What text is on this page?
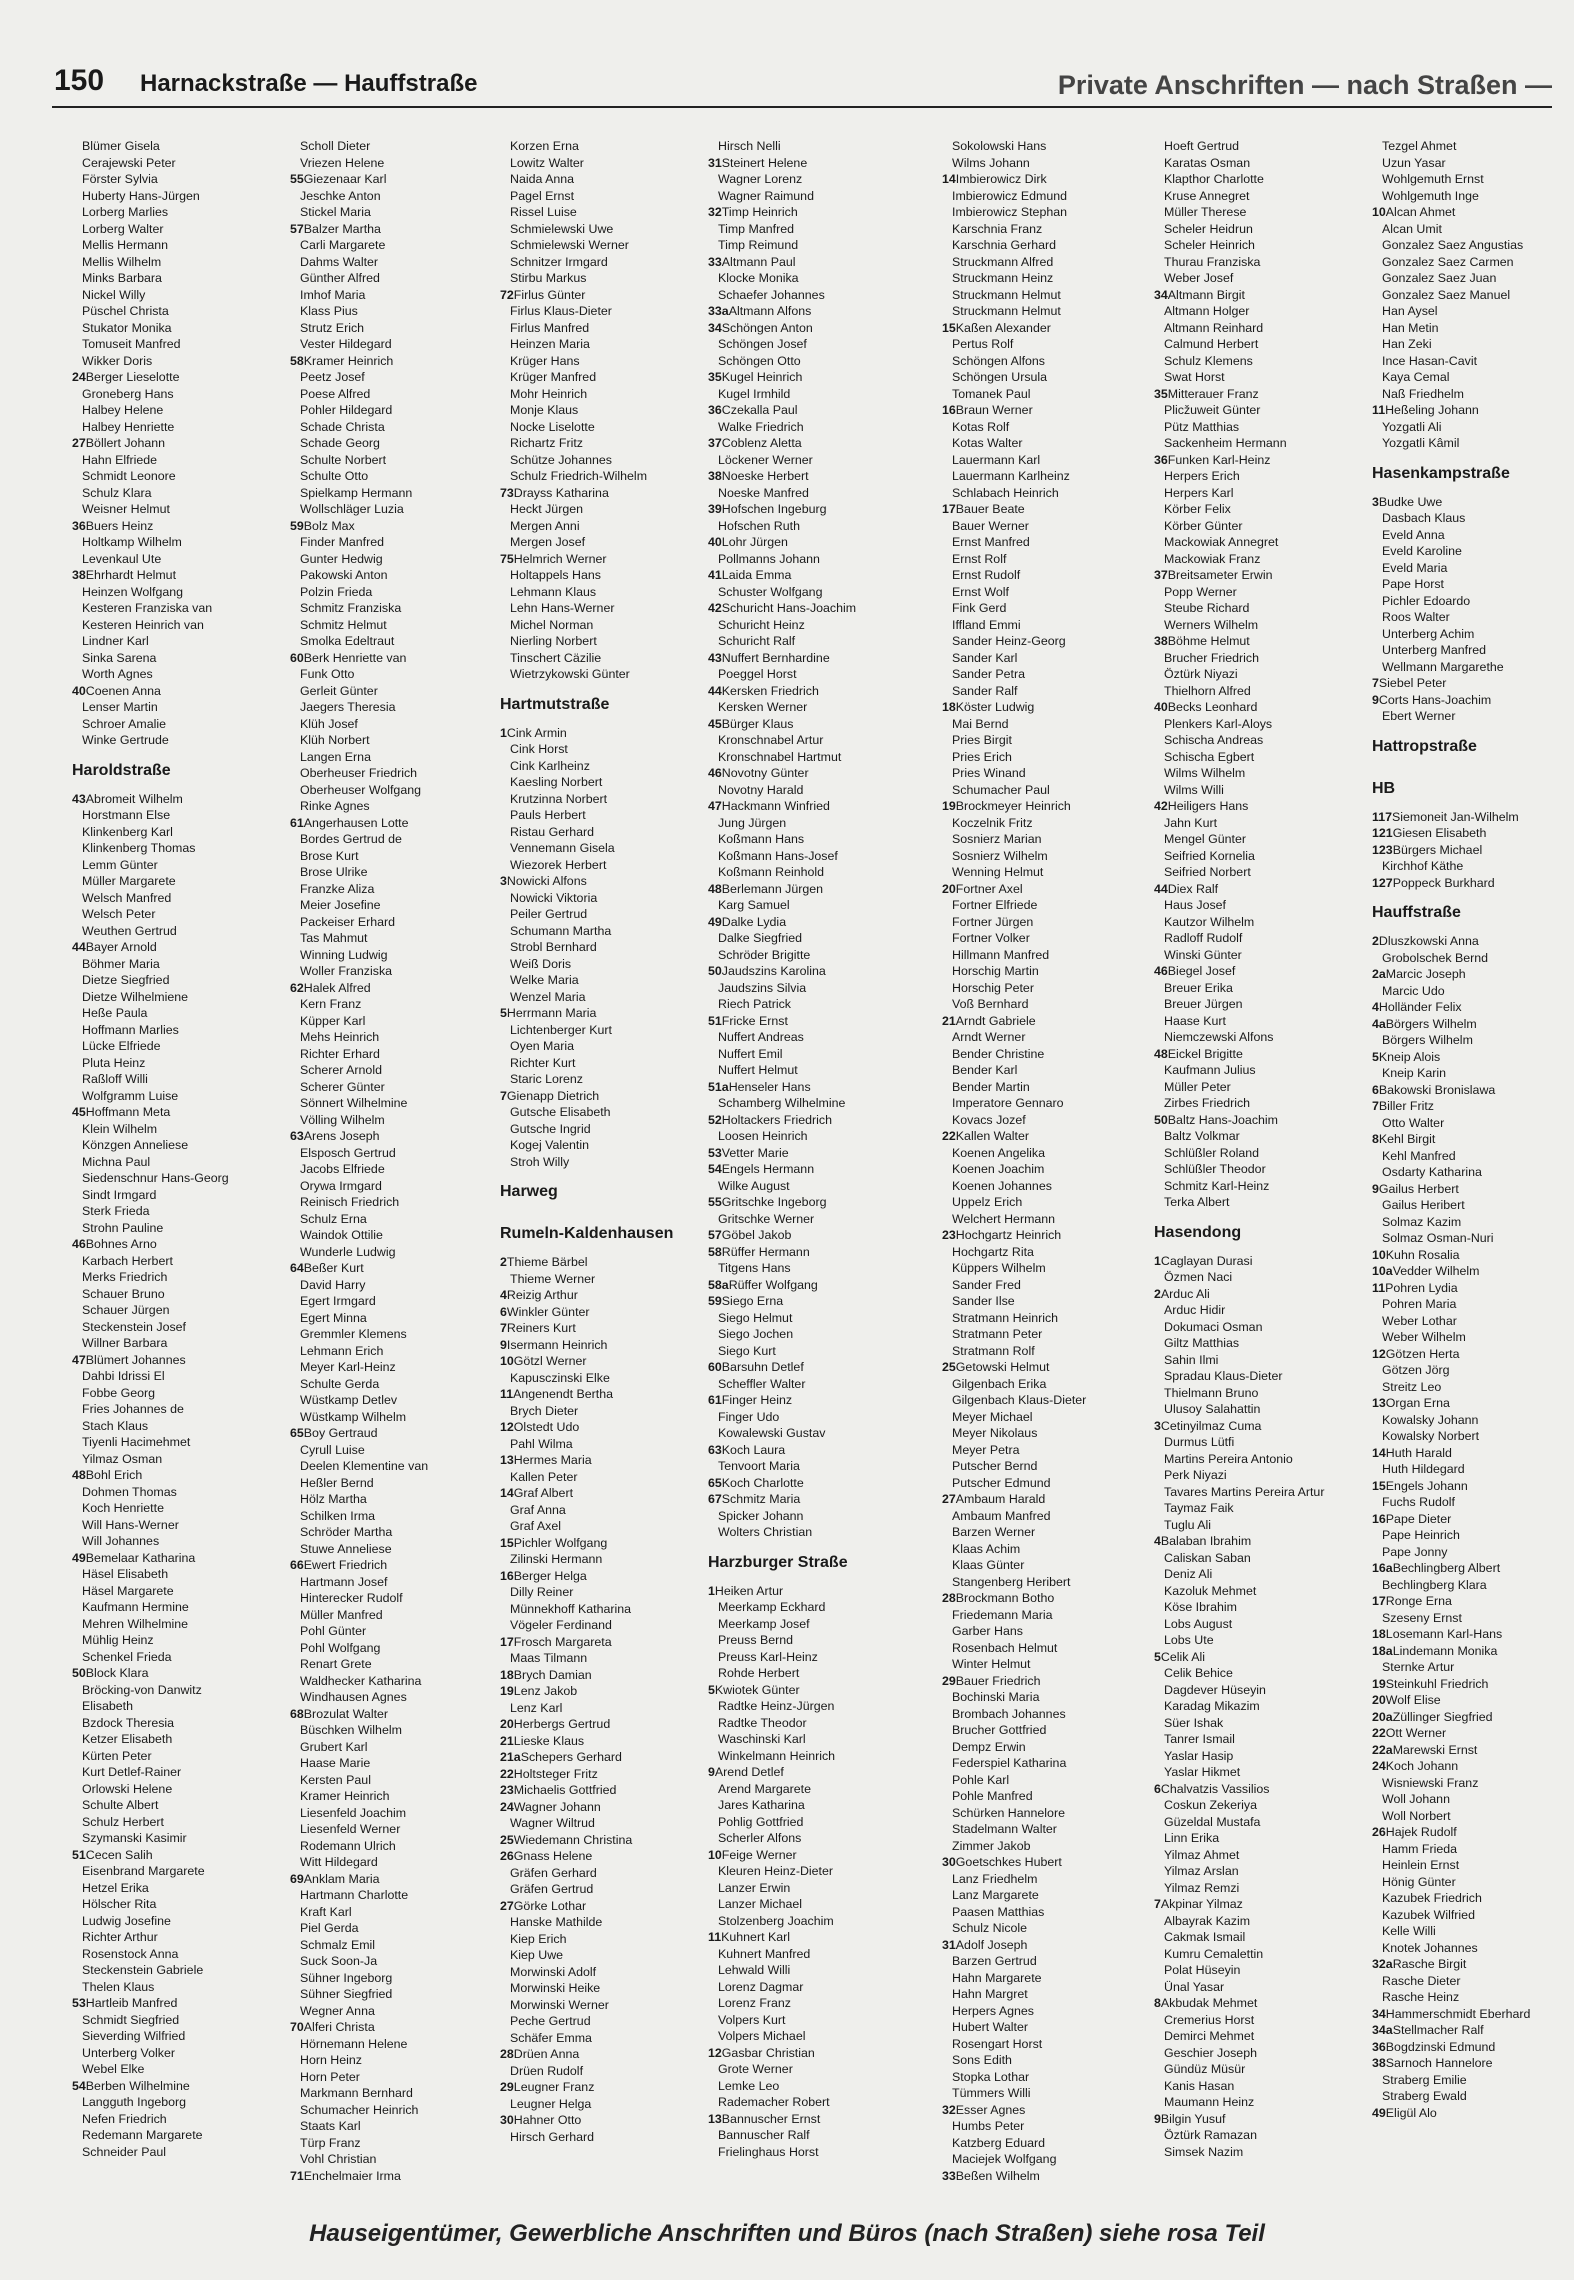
150 Harnackstraße — Hauffstraße	Private Anschriften — nach Straßen —
Blümer Gisela
Cerajewski Peter
Förster Sylvia
Huberty Hans-Jürgen
Lorberg Marlies
Lorberg Walter
Mellis Hermann
Mellis Wilhelm
Minks Barbara
Nickel Willy
Püschel Christa
Stukator Monika
Tomuseit Manfred
Wikker Doris
24Berger Lieselotte
Groneberg Hans
Halbey Helene
Halbey Henriette
27Böllert Johann
Hahn Elfriede
Schmidt Leonore
Schulz Klara
Weisner Helmut
36Buers Heinz
Holtkamp Wilhelm
Levenkaul Ute
38Ehrhardt Helmut
Heinzen Wolfgang
Kesteren Franziska van
Kesteren Heinrich van
Lindner Karl
Sinka Sarena
Worth Agnes
40Coenen Anna
Lenser Martin
Schroer Amalie
Winke Gertrude
Haroldstraße
43Abromeit Wilhelm
Horstmann Else
Klinkenberg Karl
Klinkenberg Thomas
Lemm Günter
Müller Margarete
Welsch Manfred
Welsch Peter
Weuthen Gertrud
44Bayer Arnold
Böhmer Maria
Dietze Siegfried
Dietze Wilhelmiene
Heße Paula
Hoffmann Marlies
Lücke Elfriede
Pluta Heinz
Raßloff Willi
Wolfgramm Luise
45Hoffmann Meta
Klein Wilhelm
Könzgen Anneliese
Michna Paul
Siedenschnur Hans-Georg
Sindt Irmgard
Sterk Frieda
Strohn Pauline
46Bohnes Arno
Karbach Herbert
Merks Friedrich
Schauer Bruno
Schauer Jürgen
Steckenstein Josef
Willner Barbara
47Blümert Johannes
Dahbi Idrissi El
Fobbe Georg
Fries Johannes de
Stach Klaus
Tiyenli Hacimehmet
Yilmaz Osman
48Bohl Erich
Dohmen Thomas
Koch Henriette
Will Hans-Werner
Will Johannes
49Bemelaar Katharina
Häsel Elisabeth
Häsel Margarete
Kaufmann Hermine
Mehren Wilhelmine
Mühlig Heinz
Schenkel Frieda
50Block Klara
Bröcking-von Danwitz
Elisabeth
Bzdock Theresia
Ketzer Elisabeth
Kürten Peter
Kurt Detlef-Rainer
Orlowski Helene
Schulte Albert
Schulz Herbert
Szymanski Kasimir
51Cecen Salih
Eisenbrand Margarete
Hetzel Erika
Hölscher Rita
Ludwig Josefine
Richter Arthur
Rosenstock Anna
Steckenstein Gabriele
Thelen Klaus
53Hartleib Manfred
Schmidt Siegfried
Sieverding Wilfried
Unterberg Volker
Webel Elke
54Berben Wilhelmine
Langguth Ingeborg
Nefen Friedrich
Redemann Margarete
Schneider Paul
Scholl Dieter
Vriezen Helene
55Giezenaar Karl
Jeschke Anton
Stickel Maria
57Balzer Martha
Carli Margarete
Dahms Walter
Günther Alfred
Imhof Maria
Klass Pius
Strutz Erich
Vester Hildegard
58Kramer Heinrich
Peetz Josef
Poese Alfred
Pohler Hildegard
Schade Christa
Schade Georg
Schulte Norbert
Schulte Otto
Spielkamp Hermann
Wollschläger Luzia
59Bolz Max
Finder Manfred
Gunter Hedwig
Pakowski Anton
Polzin Frieda
Schmitz Franziska
Schmitz Helmut
Smolka Edeltraut
60Berk Henriette van
Funk Otto
Gerleit Günter
Jaegers Theresia
Klüh Josef
Klüh Norbert
Langen Erna
Oberheuser Friedrich
Oberheuser Wolfgang
Rinke Agnes
61Angerhausen Lotte
Bordes Gertrud de
Brose Kurt
Brose Ulrike
Franzke Aliza
Meier Josefine
Packeiser Erhard
Tas Mahmut
Winning Ludwig
Woller Franziska
62Halek Alfred
Kern Franz
Küpper Karl
Mehs Heinrich
Richter Erhard
Scherer Arnold
Scherer Günter
Sönnert Wilhelmine
Völling Wilhelm
63Arens Joseph
Elsposch Gertrud
Jacobs Elfriede
Orywa Irmgard
Reinisch Friedrich
Schulz Erna
Waindok Ottilie
Wunderle Ludwig
64Beßer Kurt
David Harry
Egert Irmgard
Egert Minna
Gremmler Klemens
Lehmann Erich
Meyer Karl-Heinz
Schulte Gerda
Wüstkamp Detlev
Wüstkamp Wilhelm
65Boy Gertraud
Cyrull Luise
Deelen Klementine van
Heßler Bernd
Hölz Martha
Schilken Irma
Schröder Martha
Stuwe Anneliese
66Ewert Friedrich
Hartmann Josef
Hinterecker Rudolf
Müller Manfred
Pohl Günter
Pohl Wolfgang
Renart Grete
Waldhecker Katharina
Windhausen Agnes
68Brozulat Walter
Büschken Wilhelm
Grubert Karl
Haase Marie
Kersten Paul
Kramer Heinrich
Liesenfeld Joachim
Liesenfeld Werner
Rodemann Ulrich
Witt Hildegard
69Anklam Maria
Hartmann Charlotte
Kraft Karl
Piel Gerda
Schmalz Emil
Suck Soon-Ja
Sühner Ingeborg
Sühner Siegfried
Wegner Anna
70Alferi Christa
Hörnemann Helene
Horn Heinz
Horn Peter
Markmann Bernhard
Schumacher Heinrich
Staats Karl
Türp Franz
Vohl Christian
71Enchelmaier Irma
Korzen Erna
Lowitz Walter
Naida Anna
Pagel Ernst
Rissel Luise
Schmielewski Uwe
Schmielewski Werner
Schnitzer Irmgard
Stirbu Markus
72Firlus Günter
Firlus Klaus-Dieter
Firlus Manfred
Heinzen Maria
Krüger Hans
Krüger Manfred
Mohr Heinrich
Monje Klaus
Nocke Liselotte
Richartz Fritz
Schütze Johannes
Schulz Friedrich-Wilhelm
73Drayss Katharina
Heckt Jürgen
Mergen Anni
Mergen Josef
75Helmrich Werner
Holtappels Hans
Lehmann Klaus
Lehn Hans-Werner
Michel Norman
Nierling Norbert
Tinschert Cäzilie
Wietrzykowski Günter
Hartmutstraße
1Cink Armin
Cink Horst
Cink Karlheinz
Kaesling Norbert
Krutzinna Norbert
Pauls Herbert
Ristau Gerhard
Vennemann Gisela
Wiezorek Herbert
3Nowicki Alfons
Nowicki Viktoria
Peiler Gertrud
Schumann Martha
Strobl Bernhard
Weiß Doris
Welke Maria
Wenzel Maria
5Herrmann Maria
Lichtenberger Kurt
Oyen Maria
Richter Kurt
Staric Lorenz
7Gienapp Dietrich
Gutsche Elisabeth
Gutsche Ingrid
Kogej Valentin
Stroh Willy
Harweg
Rumeln-Kaldenhausen
2Thieme Bärbel
Thieme Werner
4Reizig Arthur
6Winkler Günter
7Reiners Kurt
9Isermann Heinrich
10Götzl Werner
Kapusczinski Elke
11Angenendt Bertha
Brych Dieter
12Olstedt Udo
Pahl Wilma
13Hermes Maria
Kallen Peter
14Graf Albert
Graf Anna
Graf Axel
15Pichler Wolfgang
Zilinski Hermann
16Berger Helga
Dilly Reiner
Münnekhoff Katharina
Vögeler Ferdinand
17Frosch Margareta
Maas Tilmann
18Brych Damian
19Lenz Jakob
Lenz Karl
20Herbergs Gertrud
21Lieske Klaus
21aSchepers Gerhard
22Holtsteger Fritz
23Michaelis Gottfried
24Wagner Johann
Wagner Wiltrud
25Wiedemann Christina
26Gnass Helene
Gräfen Gerhard
Gräfen Gertrud
27Görke Lothar
Hanske Mathilde
Kiep Erich
Kiep Uwe
Morwinski Adolf
Morwinski Heike
Morwinski Werner
Peche Gertrud
Schäfer Emma
28Drüen Anna
Drüen Rudolf
29Leugner Franz
Leugner Helga
30Hahner Otto
Hirsch Gerhard
Hirsch Nelli
31Steinert Helene
Wagner Lorenz
Wagner Raimund
32Timp Heinrich
Timp Manfred
Timp Reimund
33Altmann Paul
Klocke Monika
Schaefer Johannes
33aAltmann Alfons
34Schöngen Anton
Schöngen Josef
Schöngen Otto
35Kugel Heinrich
Kugel Irmhild
36Czekalla Paul
Walke Friedrich
37Coblenz Aletta
Löckener Werner
38Noeske Herbert
Noeske Manfred
39Hofschen Ingeburg
Hofschen Ruth
40Lohr Jürgen
Pollmanns Johann
41Laida Emma
Schuster Wolfgang
42Schuricht Hans-Joachim
Schuricht Heinz
Schuricht Ralf
43Nuffert Bernhardine
Poeggel Horst
44Kersken Friedrich
Kersken Werner
45Bürger Klaus
Kronschnabel Artur
Kronschnabel Hartmut
46Novotny Günter
Novotny Harald
47Hackmann Winfried
Jung Jürgen
Koßmann Hans
Koßmann Hans-Josef
Koßmann Reinhold
48Berlemann Jürgen
Karg Samuel
49Dalke Lydia
Dalke Siegfried
Schröder Brigitte
50Jaudszins Karolina
Jaudszins Silvia
Riech Patrick
51Fricke Ernst
Nuffert Andreas
Nuffert Emil
Nuffert Helmut
51aHenseler Hans
Schamberg Wilhelmine
52Holtackers Friedrich
Loosen Heinrich
53Vetter Marie
54Engels Hermann
Wilke August
55Gritschke Ingeborg
Gritschke Werner
57Göbel Jakob
58Rüffer Hermann
Titgens Hans
58aRüffer Wolfgang
59Siego Erna
Siego Helmut
Siego Jochen
Siego Kurt
60Barsuhn Detlef
Scheffler Walter
61Finger Heinz
Finger Udo
Kowalewski Gustav
63Koch Laura
Tenvoort Maria
65Koch Charlotte
67Schmitz Maria
Spicker Johann
Wolters Christian
Harzburger Straße
1Heiken Artur
Meerkamp Eckhard
Meerkamp Josef
Preuss Bernd
Preuss Karl-Heinz
Rohde Herbert
5Kwiotek Günter
Radtke Heinz-Jürgen
Radtke Theodor
Waschinski Karl
Winkelmann Heinrich
9Arend Detlef
Arend Margarete
Jares Katharina
Pohlig Gottfried
Scherler Alfons
10Feige Werner
Kleuren Heinz-Dieter
Lanzer Erwin
Lanzer Michael
Stolzenberg Joachim
11Kuhnert Karl
Kuhnert Manfred
Lehwald Willi
Lorenz Dagmar
Lorenz Franz
Volpers Kurt
Volpers Michael
12Gasbar Christian
Grote Werner
Lemke Leo
Rademacher Robert
13Bannuscher Ernst
Bannuscher Ralf
Frielinghaus Horst
Sokolowski Hans
Wilms Johann
14Imbierowicz Dirk
Imbierowicz Edmund
Imbierowicz Stephan
Karschnia Franz
Karschnia Gerhard
Struckmann Alfred
Struckmann Heinz
Struckmann Helmut
Struckmann Helmut
15Kaßen Alexander
Pertus Rolf
Schöngen Alfons
Schöngen Ursula
Tomanek Paul
16Braun Werner
Kotas Rolf
Kotas Walter
Lauermann Karl
Lauermann Karlheinz
Schlabach Heinrich
17Bauer Beate
Bauer Werner
Ernst Manfred
Ernst Rolf
Ernst Rudolf
Ernst Wolf
Fink Gerd
Iffland Emmi
Sander Heinz-Georg
Sander Karl
Sander Petra
Sander Ralf
18Köster Ludwig
Mai Bernd
Pries Birgit
Pries Erich
Pries Winand
Schumacher Paul
19Brockmeyer Heinrich
Koczelnik Fritz
Sosnierz Marian
Sosnierz Wilhelm
Wenning Helmut
20Fortner Axel
Fortner Elfriede
Fortner Jürgen
Fortner Volker
Hillmann Manfred
Horschig Martin
Horschig Peter
Voß Bernhard
21Arndt Gabriele
Arndt Werner
Bender Christine
Bender Karl
Bender Martin
Imperatore Gennaro
Kovacs Jozef
22Kallen Walter
Koenen Angelika
Koenen Joachim
Koenen Johannes
Uppelz Erich
Welchert Hermann
23Hochgartz Heinrich
Hochgartz Rita
Küppers Wilhelm
Sander Fred
Sander Ilse
Stratmann Heinrich
Stratmann Peter
Stratmann Rolf
25Getowski Helmut
Gilgenbach Erika
Gilgenbach Klaus-Dieter
Meyer Michael
Meyer Nikolaus
Meyer Petra
Putscher Bernd
Putscher Edmund
27Ambaum Harald
Ambaum Manfred
Barzen Werner
Klaas Achim
Klaas Günter
Stangenberg Heribert
28Brockmann Botho
Friedemann Maria
Garber Hans
Rosenbach Helmut
Winter Helmut
29Bauer Friedrich
Bochinski Maria
Brombach Johannes
Brucher Gottfried
Dempz Erwin
Federspiel Katharina
Pohle Karl
Pohle Manfred
Schürken Hannelore
Stadelmann Walter
Zimmer Jakob
30Goetschkes Hubert
Lanz Friedhelm
Lanz Margarete
Paasen Matthias
Schulz Nicole
31Adolf Joseph
Barzen Gertrud
Hahn Margarete
Hahn Margret
Herpers Agnes
Hubert Walter
Rosengart Horst
Sons Edith
Stopka Lothar
Tümmers Willi
32Esser Agnes
Humbs Peter
Katzberg Eduard
Maciejek Wolfgang
33Beßen Wilhelm
Hoeft Gertrud
Karatas Osman
Klapthor Charlotte
Kruse Annegret
Müller Therese
Scheler Heidrun
Scheler Heinrich
Thurau Franziska
Weber Josef
34Altmann Birgit
Altmann Holger
Altmann Reinhard
Calmund Herbert
Schulz Klemens
Swat Horst
35Mitterauer Franz
Plicžuweit Günter
Pütz Matthias
Sackenheim Hermann
36Funken Karl-Heinz
Herpers Erich
Herpers Karl
Körber Felix
Körber Günter
Mackowiak Annegret
Mackowiak Franz
37Breitsameter Erwin
Popp Werner
Steube Richard
Werners Wilhelm
38Böhme Helmut
Brucher Friedrich
Öztürk Niyazi
Thielhorn Alfred
40Becks Leonhard
Plenkers Karl-Aloys
Schischa Andreas
Schischa Egbert
Wilms Wilhelm
Wilms Willi
42Heiligers Hans
Jahn Kurt
Mengel Günter
Seifried Kornelia
Seifried Norbert
44Diex Ralf
Haus Josef
Kautzor Wilhelm
Radloff Rudolf
Winski Günter
46Biegel Josef
Breuer Erika
Breuer Jürgen
Haase Kurt
Niemczewski Alfons
48Eickel Brigitte
Kaufmann Julius
Müller Peter
Zirbes Friedrich
50Baltz Hans-Joachim
Baltz Volkmar
Schlüßler Roland
Schlüßler Theodor
Schmitz Karl-Heinz
Terka Albert
Hasendong
1Caglayan Durasi
Özmen Naci
2Arduc Ali
Arduc Hidir
Dokumaci Osman
Giltz Matthias
Sahin Ilmi
Spradau Klaus-Dieter
Thielmann Bruno
Ulusoy Salahattin
3Cetinyilmaz Cuma
Durmus Lütfi
Martins Pereira Antonio
Perk Niyazi
Tavares Martins Pereira Artur
Taymaz Faik
Tuglu Ali
4Balaban Ibrahim
Caliskan Saban
Deniz Ali
Kazoluk Mehmet
Köse Ibrahim
Lobs August
Lobs Ute
5Celik Ali
Celik Behice
Dagdever Hüseyin
Karadag Mikazim
Süer Ishak
Tanrer Ismail
Yaslar Hasip
Yaslar Hikmet
6Chalvatzis Vassilios
Coskun Zekeriya
Güzeldal Mustafa
Linn Erika
Yilmaz Ahmet
Yilmaz Arslan
Yilmaz Remzi
7Akpinar Yilmaz
Albayrak Kazim
Cakmak Ismail
Kumru Cemalettin
Polat Hüseyin
Ünal Yasar
8Akbudak Mehmet
Cremerius Horst
Demirci Mehmet
Geschier Joseph
Gündüz Müsür
Kanis Hasan
Maumann Heinz
9Bilgin Yusuf
Öztürk Ramazan
Simsek Nazim
Tezgel Ahmet
Uzun Yasar
Wohlgemuth Ernst
Wohlgemuth Inge
10Alcan Ahmet
Alcan Umit
Gonzalez Saez Angustias
Gonzalez Saez Carmen
Gonzalez Saez Juan
Gonzalez Saez Manuel
Han Aysel
Han Metin
Han Zeki
Ince Hasan-Cavit
Kaya Cemal
Naß Friedhelm
11Heßeling Johann
Yozgatli Ali
Yozgatli Kâmil
Hasenkampstraße
3Budke Uwe
Dasbach Klaus
Eveld Anna
Eveld Karoline
Eveld Maria
Pape Horst
Pichler Edoardo
Roos Walter
Unterberg Achim
Unterberg Manfred
Wellmann Margarethe
7Siebel Peter
9Corts Hans-Joachim
Ebert Werner
Hattropstraße
HB
117Siemoneit Jan-Wilhelm
121Giesen Elisabeth
123Bürgers Michael
Kirchhof Käthe
127Poppeck Burkhard
Hauffstraße
2Dluszkowski Anna
Grobolschek Bernd
2aMarcic Joseph
Marcic Udo
4Holländer Felix
4aBörgers Wilhelm
Börgers Wilhelm
5Kneip Alois
Kneip Karin
6Bakowski Bronislawa
7Biller Fritz
Otto Walter
8Kehl Birgit
Kehl Manfred
Osdarty Katharina
9Gailus Herbert
Gailus Heribert
Solmaz Kazim
Solmaz Osman-Nuri
10Kuhn Rosalia
10aVedder Wilhelm
11Pohren Lydia
Pohren Maria
Weber Lothar
Weber Wilhelm
12Götzen Herta
Götzen Jörg
Streitz Leo
13Organ Erna
Kowalsky Johann
Kowalsky Norbert
14Huth Harald
Huth Hildegard
15Engels Johann
Fuchs Rudolf
16Pape Dieter
Pape Heinrich
Pape Jonny
16aBechlingberg Albert
Bechlingberg Klara
17Ronge Erna
Szeseny Ernst
18Losemann Karl-Hans
18aLindemann Monika
Sternke Artur
19Steinkuhl Friedrich
20Wolf Elise
20aZüllinger Siegfried
22Ott Werner
22aMarewski Ernst
24Koch Johann
Wisniewski Franz
Woll Johann
Woll Norbert
26Hajek Rudolf
Hamm Frieda
Heinlein Ernst
Hönig Günter
Kazubek Friedrich
Kazubek Wilfried
Kelle Willi
Knotek Johannes
32aRasche Birgit
Rasche Dieter
Rasche Heinz
34Hammerschmidt Eberhard
34aStellmacher Ralf
36Bogdzinski Edmund
38Sarnoch Hannelore
Straberg Emilie
Straberg Ewald
49Eligül Alo
Hauseigentümer, Gewerbliche Anschriften und Büros (nach Straßen) siehe rosa Teil
